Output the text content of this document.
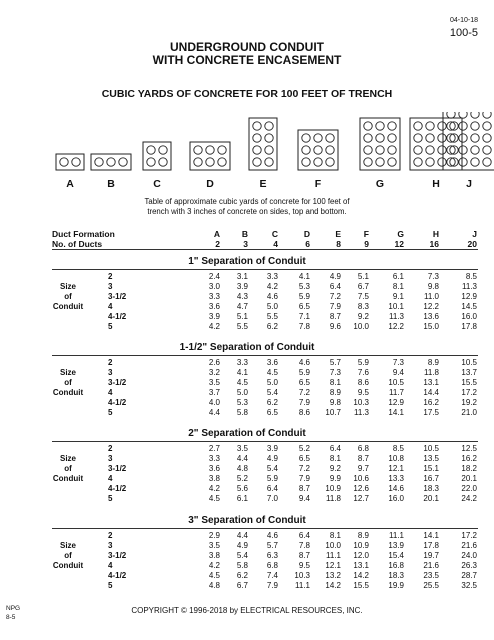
04-10-18
100-5
UNDERGROUND CONDUIT
WITH CONCRETE ENCASEMENT
CUBIC YARDS OF CONCRETE FOR 100 FEET OF TRENCH
A	B	C	D	E	F	G	H	J
Table of approximate cubic yards of concrete for 100 feet of
trench with 3 inches of concrete on sides, top and bottom.
Duct Formation	A	B	C	D	E	F	G	H	J
No. of Ducts	2	3	4	6	8	9	12	16	20
1" Separation of Conduit
2	2.4	3.1	3.3	4.1	4.9	5.1	6.1	7.3	8.5
Size	3	3.0	3.9	4.2	5.3	6.4	6.7	8.1	9.8	11.3
of	3-1/2	3.3	4.3	4.6	5.9	7.2	7.5	9.1	11.0	12.9
Conduit	4	3.6	4.7	5.0	6.5	7.9	8.3	10.1	12.2	14.5
4-1/2	3.9	5.1	5.5	7.1	8.7	9.2	11.3	13.6	16.0
5	4.2	5.5	6.2	7.8	9.6	10.0	12.2	15.0	17.8
1-1/2" Separation of Conduit
2	2.6	3.3	3.6	4.6	5.7	5.9	7.3	8.9	10.5
Size	3	3.2	4.1	4.5	5.9	7.3	7.6	9.4	11.8	13.7
of	3-1/2	3.5	4.5	5.0	6.5	8.1	8.6	10.5	13.1	15.5
Conduit	4	3.7	5.0	5.4	7.2	8.9	9.5	11.7	14.4	17.2
4-1/2	4.0	5.3	6.2	7.9	9.8	10.3	12.9	16.2	19.2
5	4.4	5.8	6.5	8.6	10.7	11.3	14.1	17.5	21.0
2" Separation of Conduit
2	2.7	3.5	3.9	5.2	6.4	6.8	8.5	10.5	12.5
Size	3	3.3	4.4	4.9	6.5	8.1	8.7	10.8	13.5	16.2
of	3-1/2	3.6	4.8	5.4	7.2	9.2	9.7	12.1	15.1	18.2
Conduit	4	3.8	5.2	5.9	7.9	9.9	10.6	13.3	16.7	20.1
4-1/2	4.2	5.6	6.4	8.7	10.9	12.6	14.6	18.3	22.0
5	4.5	6.1	7.0	9.4	11.8	12.7	16.0	20.1	24.2
3" Separation of Conduit
2	2.9	4.4	4.6	6.4	8.1	8.9	11.1	14.1	17.2
Size	3	3.5	4.9	5.7	7.8	10.0	10.9	13.9	17.8	21.6
of	3-1/2	3.8	5.4	6.3	8.7	11.1	12.0	15.4	19.7	24.0
Conduit	4	4.2	5.8	6.8	9.5	12.1	13.1	16.8	21.6	26.3
4-1/2	4.5	6.2	7.4	10.3	13.2	14.2	18.3	23.5	28.7
5	4.8	6.7	7.9	11.1	14.2	15.5	19.9	25.5	32.5
NPG
8-5
COPYRIGHT © 1996-2018 by ELECTRICAL RESOURCES, INC.
